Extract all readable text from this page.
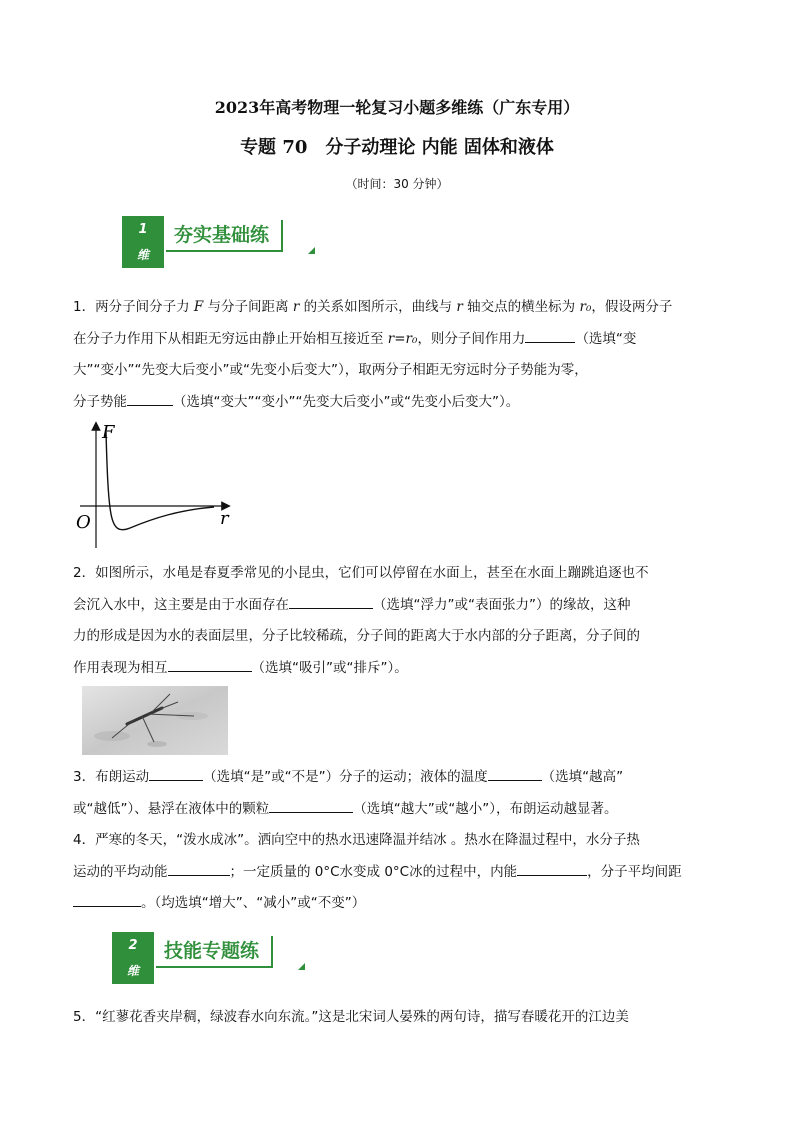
2023年高考物理一轮复习小题多维练（广东专用）
专题 70　分子动理论 内能 固体和液体
（时间：30 分钟）
1
维
夯实基础练
1．两分子间分子力 F 与分子间距离 r 的关系如图所示，曲线与 r 轴交点的横坐标为 r₀，假设两分子
在分子力作用下从相距无穷远由静止开始相互接近至 r=r₀，则分子间作用力	（选填“变
大”“变小”“先变大后变小”或“先变小后变大”），取两分子相距无穷远时分子势能为零，
分子势能	（选填“变大”“变小”“先变大后变小”或“先变小后变大”）。
F
r
O
2．如图所示，水黾是春夏季常见的小昆虫，它们可以停留在水面上，甚至在水面上蹦跳追逐也不
会沉入水中，这主要是由于水面存在	（选填“浮力”或“表面张力”）的缘故，这种
力的形成是因为水的表面层里，分子比较稀疏，分子间的距离大于水内部的分子距离，分子间的
作用表现为相互	（选填“吸引”或“排斥”）。
3．布朗运动	（选填“是”或“不是”）分子的运动；液体的温度	（选填“越高”
或“越低”）、悬浮在液体中的颗粒	（选填“越大”或“越小”），布朗运动越显著。
4．严寒的冬天，“泼水成冰”。洒向空中的热水迅速降温并结冰 。热水在降温过程中，水分子热
运动的平均动能	；一定质量的 0°C水变成 0°C冰的过程中，内能	，分子平均间距
。（均选填“增大”、“减小”或“不变”）
2
维
技能专题练
5．“红蓼花香夹岸稠，绿波春水向东流。”这是北宋词人晏殊的两句诗，描写春暖花开的江边美
